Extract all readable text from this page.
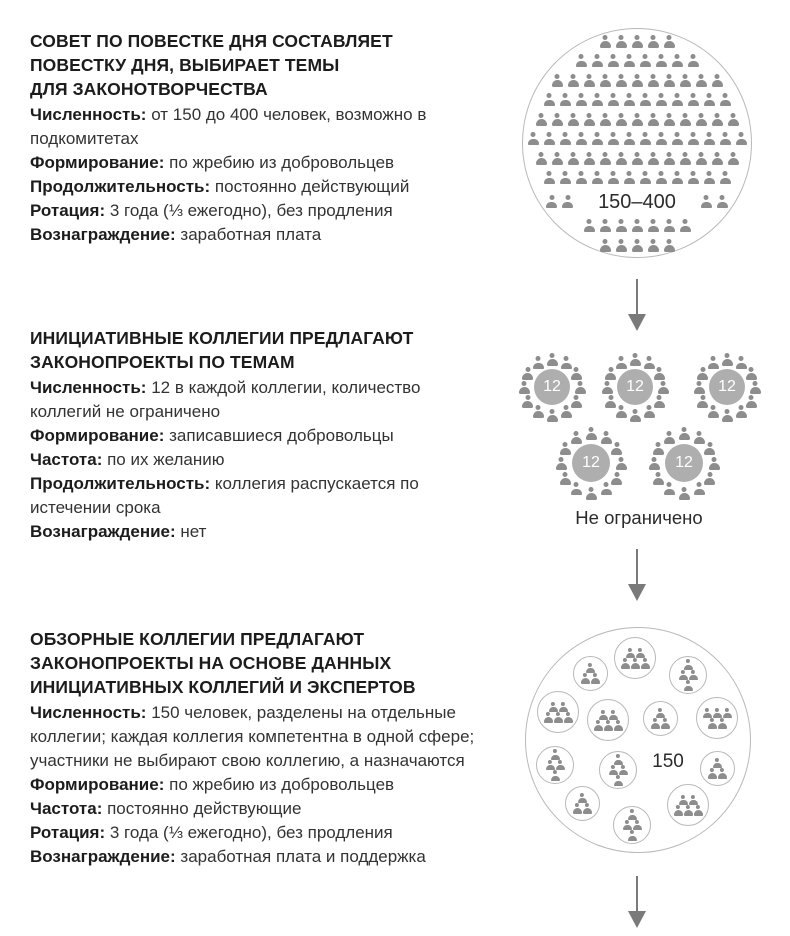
СОВЕТ ПО ПОВЕСТКЕ ДНЯ СОСТАВЛЯЕТ
ПОВЕСТКУ ДНЯ, ВЫБИРАЕТ ТЕМЫ
ДЛЯ ЗАКОНОТВОРЧЕСТВА

Численность: от 150 до 400 человек, возможно в подкомитетах

Формирование: по жребию из добровольцев

Продолжительность: постоянно действующий

Ротация: 3 года (⅓ ежегодно), без продления

Вознаграждение: заработная плата

ИНИЦИАТИВНЫЕ КОЛЛЕГИИ ПРЕДЛАГАЮТ
ЗАКОНОПРОЕКТЫ ПО ТЕМАМ

Численность: 12 в каждой коллегии, количество коллегий не ограничено

Формирование: записавшиеся добровольцы

Частота: по их желанию

Продолжительность: коллегия распускается по истечении срока

Вознаграждение: нет

ОБЗОРНЫЕ КОЛЛЕГИИ ПРЕДЛАГАЮТ
ЗАКОНОПРОЕКТЫ НА ОСНОВЕ ДАННЫХ
ИНИЦИАТИВНЫХ КОЛЛЕГИЙ И ЭКСПЕРТОВ

Численность: 150 человек, разделены на отдельные коллегии; каждая коллегия компетентна в одной сфере; участники не выбирают свою коллегию, а назначаются

Формирование: по жребию из добровольцев

Частота: постоянно действующие

Ротация: 3 года (⅓ ежегодно), без продления

Вознаграждение: заработная плата и поддержка

150–400
12	12	12
12	12
Не ограничено
150
